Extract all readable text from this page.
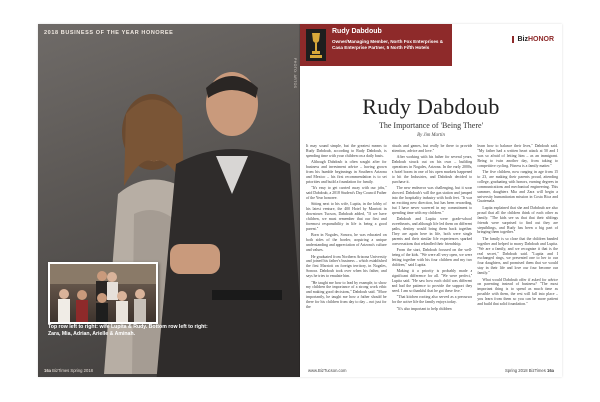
2018 BUSINESS OF THE YEAR HONOREE
PHOTO: ARTOS
Top row left to right: wife Lupita & Rudy. Bottom row left to right: Zara, Mia, Adrian, Arielle & Aminah.
16a BizTimes Spring 2018
Rudy Dabdoub
Owner/Managing Member, North Fox Enterprises & Casa Enterprise Partner, 5 North Fifth Hotels
BizHONOR
Rudy Dabdoub
The Importance of 'Being There'
By Jim Martin

It may sound simple, but the greatest means to Rudy Dabdoub, according to Rudy Dabdoub, is spending time with your children on a daily basis.

Although Dabdoub is often sought after for business and investment advice – having grown from his humble beginnings in Southern Arizona and Mexico – his first recommendation is to set priorities and build a foundation for family.

"It's easy to get carried away with our jobs," said Dabdoub, a 2018 Student's Day Council Father of the Year honoree.

Sitting next to his wife, Lupita, in the lobby of his latest venture, the 400 Hotel by Marriott in downtown Tucson, Dabdoub added, "If we have children, we must remember that our first and foremost responsibility in life is being a good parent."

Born in Nogales, Sonora, he was educated on both sides of the border, acquiring a unique understanding and appreciation of Arizona's culture and values.

He graduated from Northern Arizona University and joined his father's business – which established the first Marriott on foreign territory, in Nogales, Sonora. Dabdoub took over when his father, and says he tries to emulate him.

"He taught me how to lead by example, to show my children the importance of a strong work ethic and making good decisions," Dabdoub said. "More importantly, he taught me how a father should be there for his children from day to day – not just for the

rituals and games, but really be there to provide attention, advice and love."

After working with his father for several years, Dabdoub struck out on his own – building operations in Nogales, Arizona. In the early 2000s, a hotel boom in one of his open markets happened to hit the Industries, and Dabdoub decided to purchase it.

The new endeavor was challenging, but it soon showed. Dabdoub's will the gas station and jumped into the hospitality industry with both feet. "It was an exciting new direction, but has been rewarding, but I have never wavered in my commitment to spending time with my children."

Dabdoub and Lupita were grade-school sweethearts, and although life led them on different paths, destiny would bring them back together. They are again here in life, both were single parents and their similar life experiences sparked conversations that rekindled their friendship.

From the start, Dabdoub focused on the well-being of the kids. "We were all very open, we were letting together with his four children and my two children," said Lupita.

Making it a priority is probably made a significant difference for all. "We were perfect," Lupita said. "He saw how each child was different and had the patience to provide the support they need. I am so thankful that he got these five."

"That kitchen rooting also served as a precursor for the active life the family enjoys today.

"It's also important to help children

learn how to balance their lives," Dabdoub said. "My father had a written heart attack at 50 and I was so afraid of letting him – as an immigrant. Being to twin another day, from taking to competitive cycling. Fitness is a family matter."

The five children, now ranging in age from 15 to 23, are making their parents proud, attending college, graduating with honors, earning degrees in communications and mechanical engineering. This summer, daughters Mia and Zara will begin a university humanitarian mission in Costa Rica and Guatemala.

Lupita explained that she and Dabdoub are also proud that all the children think of each other as family. "The kids see us that that their siblings friends were surprised to find out they are stepsiblings, and Rudy has been a big part of bringing them together."

The family is so close that the children banded together and helped to marry Dabdoub and Lupita. "We are a family, and we recognize it that is the real secret," Dabdoub said. "Lupita and I exchanged rings, we presented one to her to our four daughters, and promised them that we would stay in their life and love our four become our family."

What would Dabdoub offer if asked for advice on parenting instead of business? "The most important thing is to spend as much time as possible with them, the rest will fall into place – you learn from them so you can be more patient and build that solid foundation."

www.BizTucson.com	Spring 2018 BizTimes 16a
